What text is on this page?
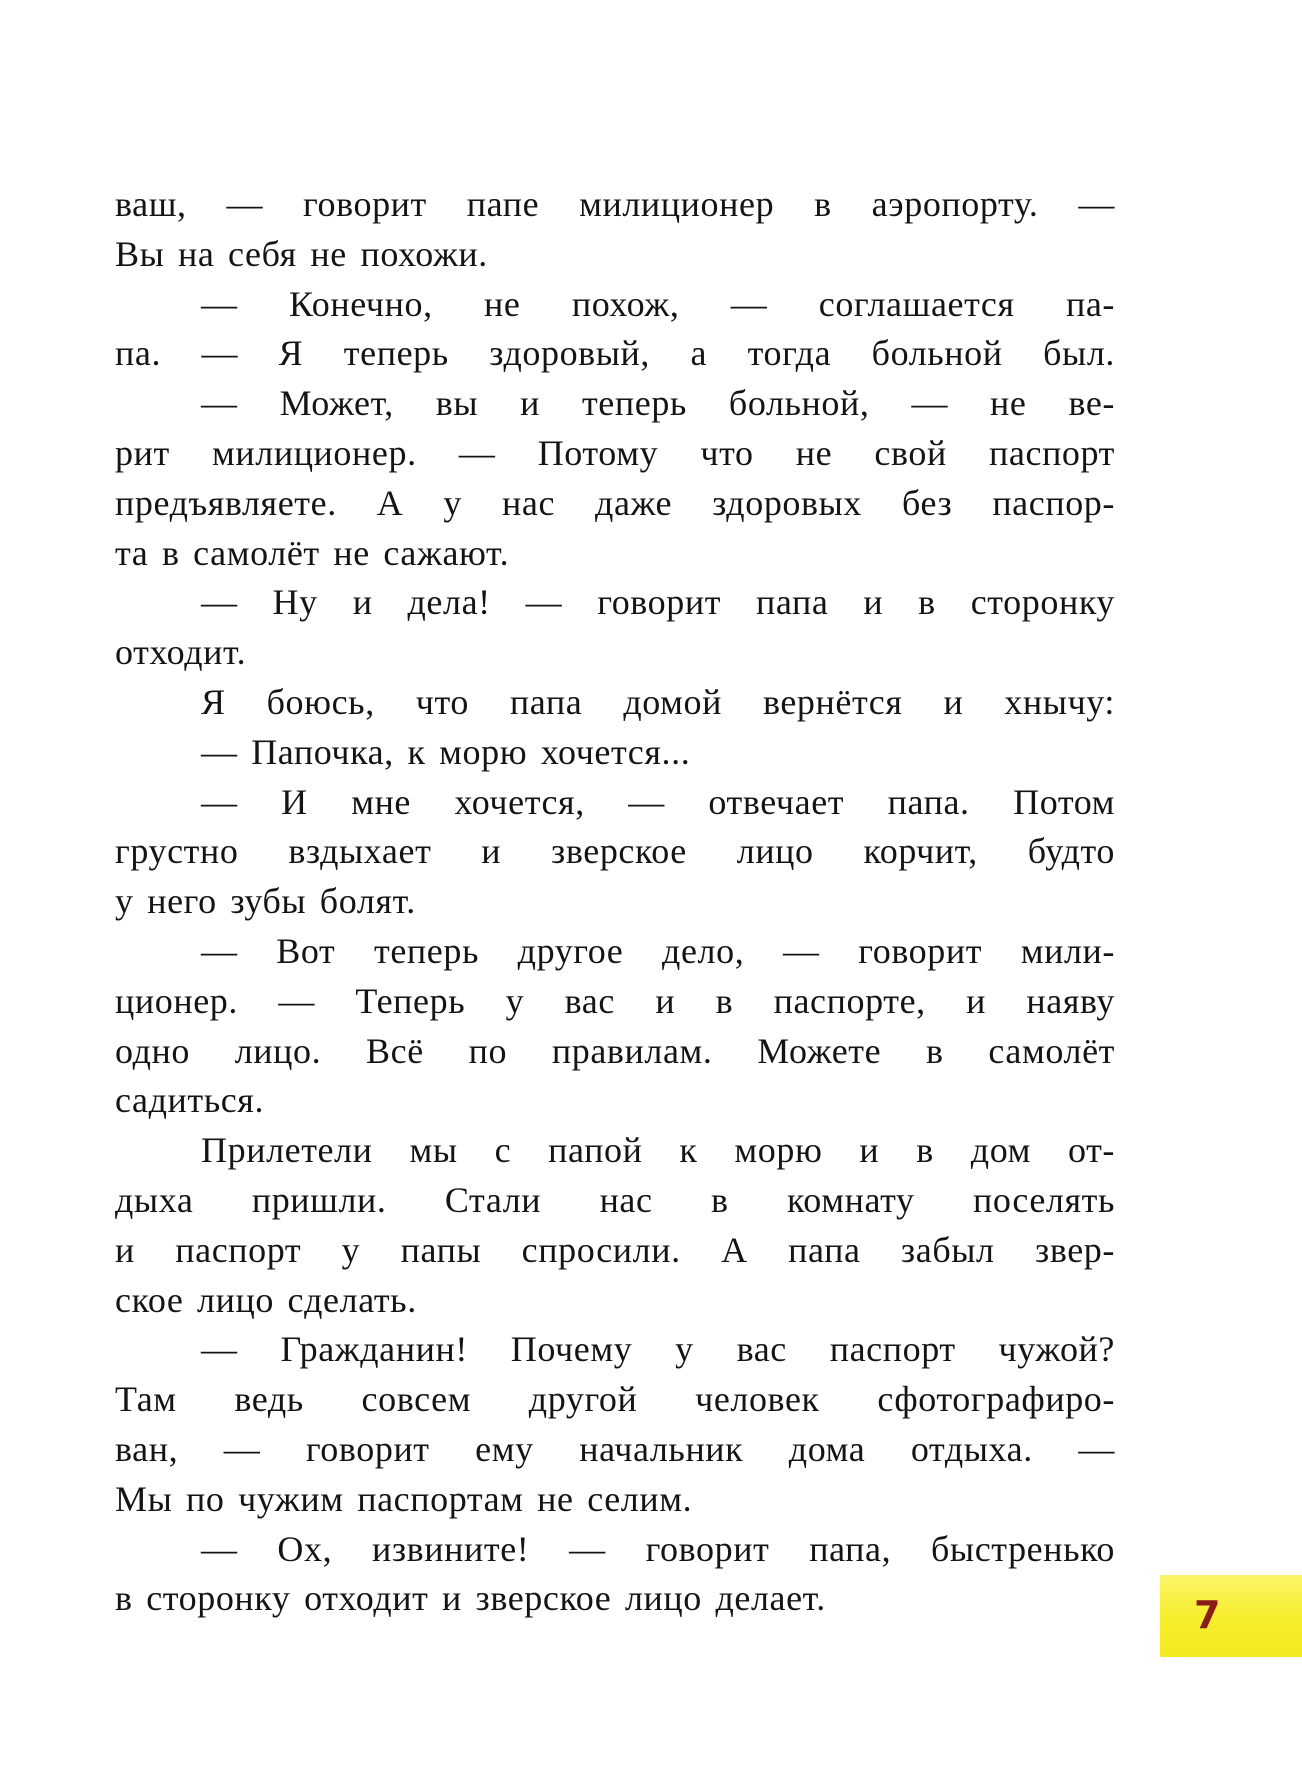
ваш, — говорит папе милиционер в аэропорту. —
Вы на себя не похожи.
— Конечно, не похож, — соглашается па-
па. — Я теперь здоровый, а тогда больной был.
— Может, вы и теперь больной, — не ве-
рит милиционер. — Потому что не свой паспорт
предъявляете. А у нас даже здоровых без паспор-
та в самолёт не сажают.
— Ну и дела! — говорит папа и в сторонку
отходит.
Я боюсь, что папа домой вернётся и хнычу:
— Папочка, к морю хочется...
— И мне хочется, — отвечает папа. Потом
грустно вздыхает и зверское лицо корчит, будто
у него зубы болят.
— Вот теперь другое дело, — говорит мили-
ционер. — Теперь у вас и в паспорте, и наяву
одно лицо. Всё по правилам. Можете в самолёт
садиться.
Прилетели мы с папой к морю и в дом от-
дыха пришли. Стали нас в комнату поселять
и паспорт у папы спросили. А папа забыл звер-
ское лицо сделать.
— Гражданин! Почему у вас паспорт чужой?
Там ведь совсем другой человек сфотографиро-
ван, — говорит ему начальник дома отдыха. —
Мы по чужим паспортам не селим.
— Ох, извините! — говорит папа, быстренько
в сторонку отходит и зверское лицо делает.	7
